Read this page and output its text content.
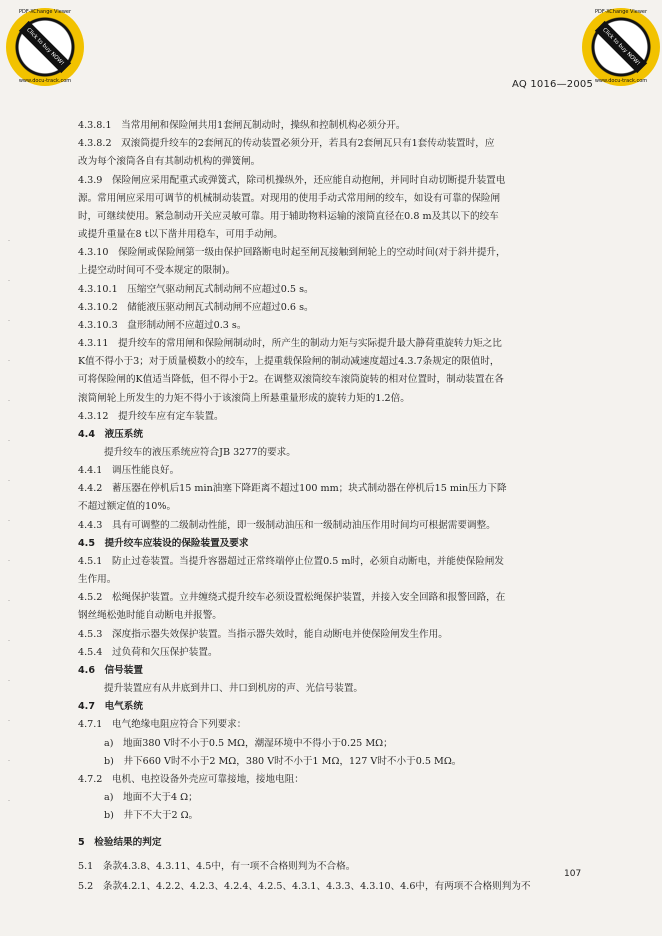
PDF-XChange Viewer
Click to buy NOW!
www.docu-track.com
PDF-XChange Viewer
Click to buy NOW!
www.docu-track.com
AQ 1016—2005
4.3.8.1　当常用闸和保险闸共用1套闸瓦制动时，操纵和控制机构必须分开。
4.3.8.2　双滚筒提升绞车的2套闸瓦的传动装置必须分开，若具有2套闸瓦只有1套传动装置时，应
改为每个滚筒各自有其制动机构的弹簧闸。
4.3.9　保险闸应采用配重式或弹簧式，除司机操纵外，还应能自动抱闸，并同时自动切断提升装置电
源。常用闸应采用可调节的机械制动装置。对现用的使用手动式常用闸的绞车，如设有可靠的保险闸
时，可继续使用。紧急制动开关应灵敏可靠。用于辅助物料运输的滚筒直径在0.8 m及其以下的绞车
或提升重量在8 t以下凿井用稳车，可用手动闸。
4.3.10　保险闸或保险闸第一级由保护回路断电时起至闸瓦接触到闸轮上的空动时间(对于斜井提升，
上提空动时间可不受本规定的限制)。
4.3.10.1　压缩空气驱动闸瓦式制动闸不应超过0.5 s。
4.3.10.2　储能液压驱动闸瓦式制动闸不应超过0.6 s。
4.3.10.3　盘形制动闸不应超过0.3 s。
4.3.11　提升绞车的常用闸和保险闸制动时，所产生的制动力矩与实际提升最大静荷重旋转力矩之比
K值不得小于3；对于质量模数小的绞车，上提重载保险闸的制动减速度超过4.3.7条规定的限值时，
可将保险闸的K值适当降低，但不得小于2。在调整双滚筒绞车滚筒旋转的相对位置时，制动装置在各
滚筒闸轮上所发生的力矩不得小于该滚筒上所悬重量形成的旋转力矩的1.2倍。
4.3.12　提升绞车应有定车装置。
4.4　液压系统
提升绞车的液压系统应符合JB 3277的要求。
4.4.1　调压性能良好。
4.4.2　蓄压器在停机后15 min油塞下降距离不超过100 mm；块式制动器在停机后15 min压力下降
不超过额定值的10%。
4.4.3　具有可调整的二级制动性能，即一级制动油压和一级制动油压作用时间均可根据需要调整。
4.5　提升绞车应装设的保险装置及要求
4.5.1　防止过卷装置。当提升容器超过正常终端停止位置0.5 m时，必须自动断电，并能使保险闸发
生作用。
4.5.2　松绳保护装置。立井缠绕式提升绞车必须设置松绳保护装置，并接入安全回路和报警回路，在
钢丝绳松弛时能自动断电并报警。
4.5.3　深度指示器失效保护装置。当指示器失效时，能自动断电并使保险闸发生作用。
4.5.4　过负荷和欠压保护装置。
4.6　信号装置
提升装置应有从井底到井口、井口到机房的声、光信号装置。
4.7　电气系统
4.7.1　电气绝缘电阻应符合下列要求：
a)　地面380 V时不小于0.5 MΩ，潮湿环境中不得小于0.25 MΩ；
b)　井下660 V时不小于2 MΩ，380 V时不小于1 MΩ，127 V时不小于0.5 MΩ。
4.7.2　电机、电控设备外壳应可靠接地，接地电阻：
a)　地面不大于4 Ω；
b)　井下不大于2 Ω。
5　检验结果的判定
5.1　条款4.3.8、4.3.11、4.5中，有一项不合格则判为不合格。
5.2　条款4.2.1、4.2.2、4.2.3、4.2.4、4.2.5、4.3.1、4.3.3、4.3.10、4.6中，有两项不合格则判为不
107
